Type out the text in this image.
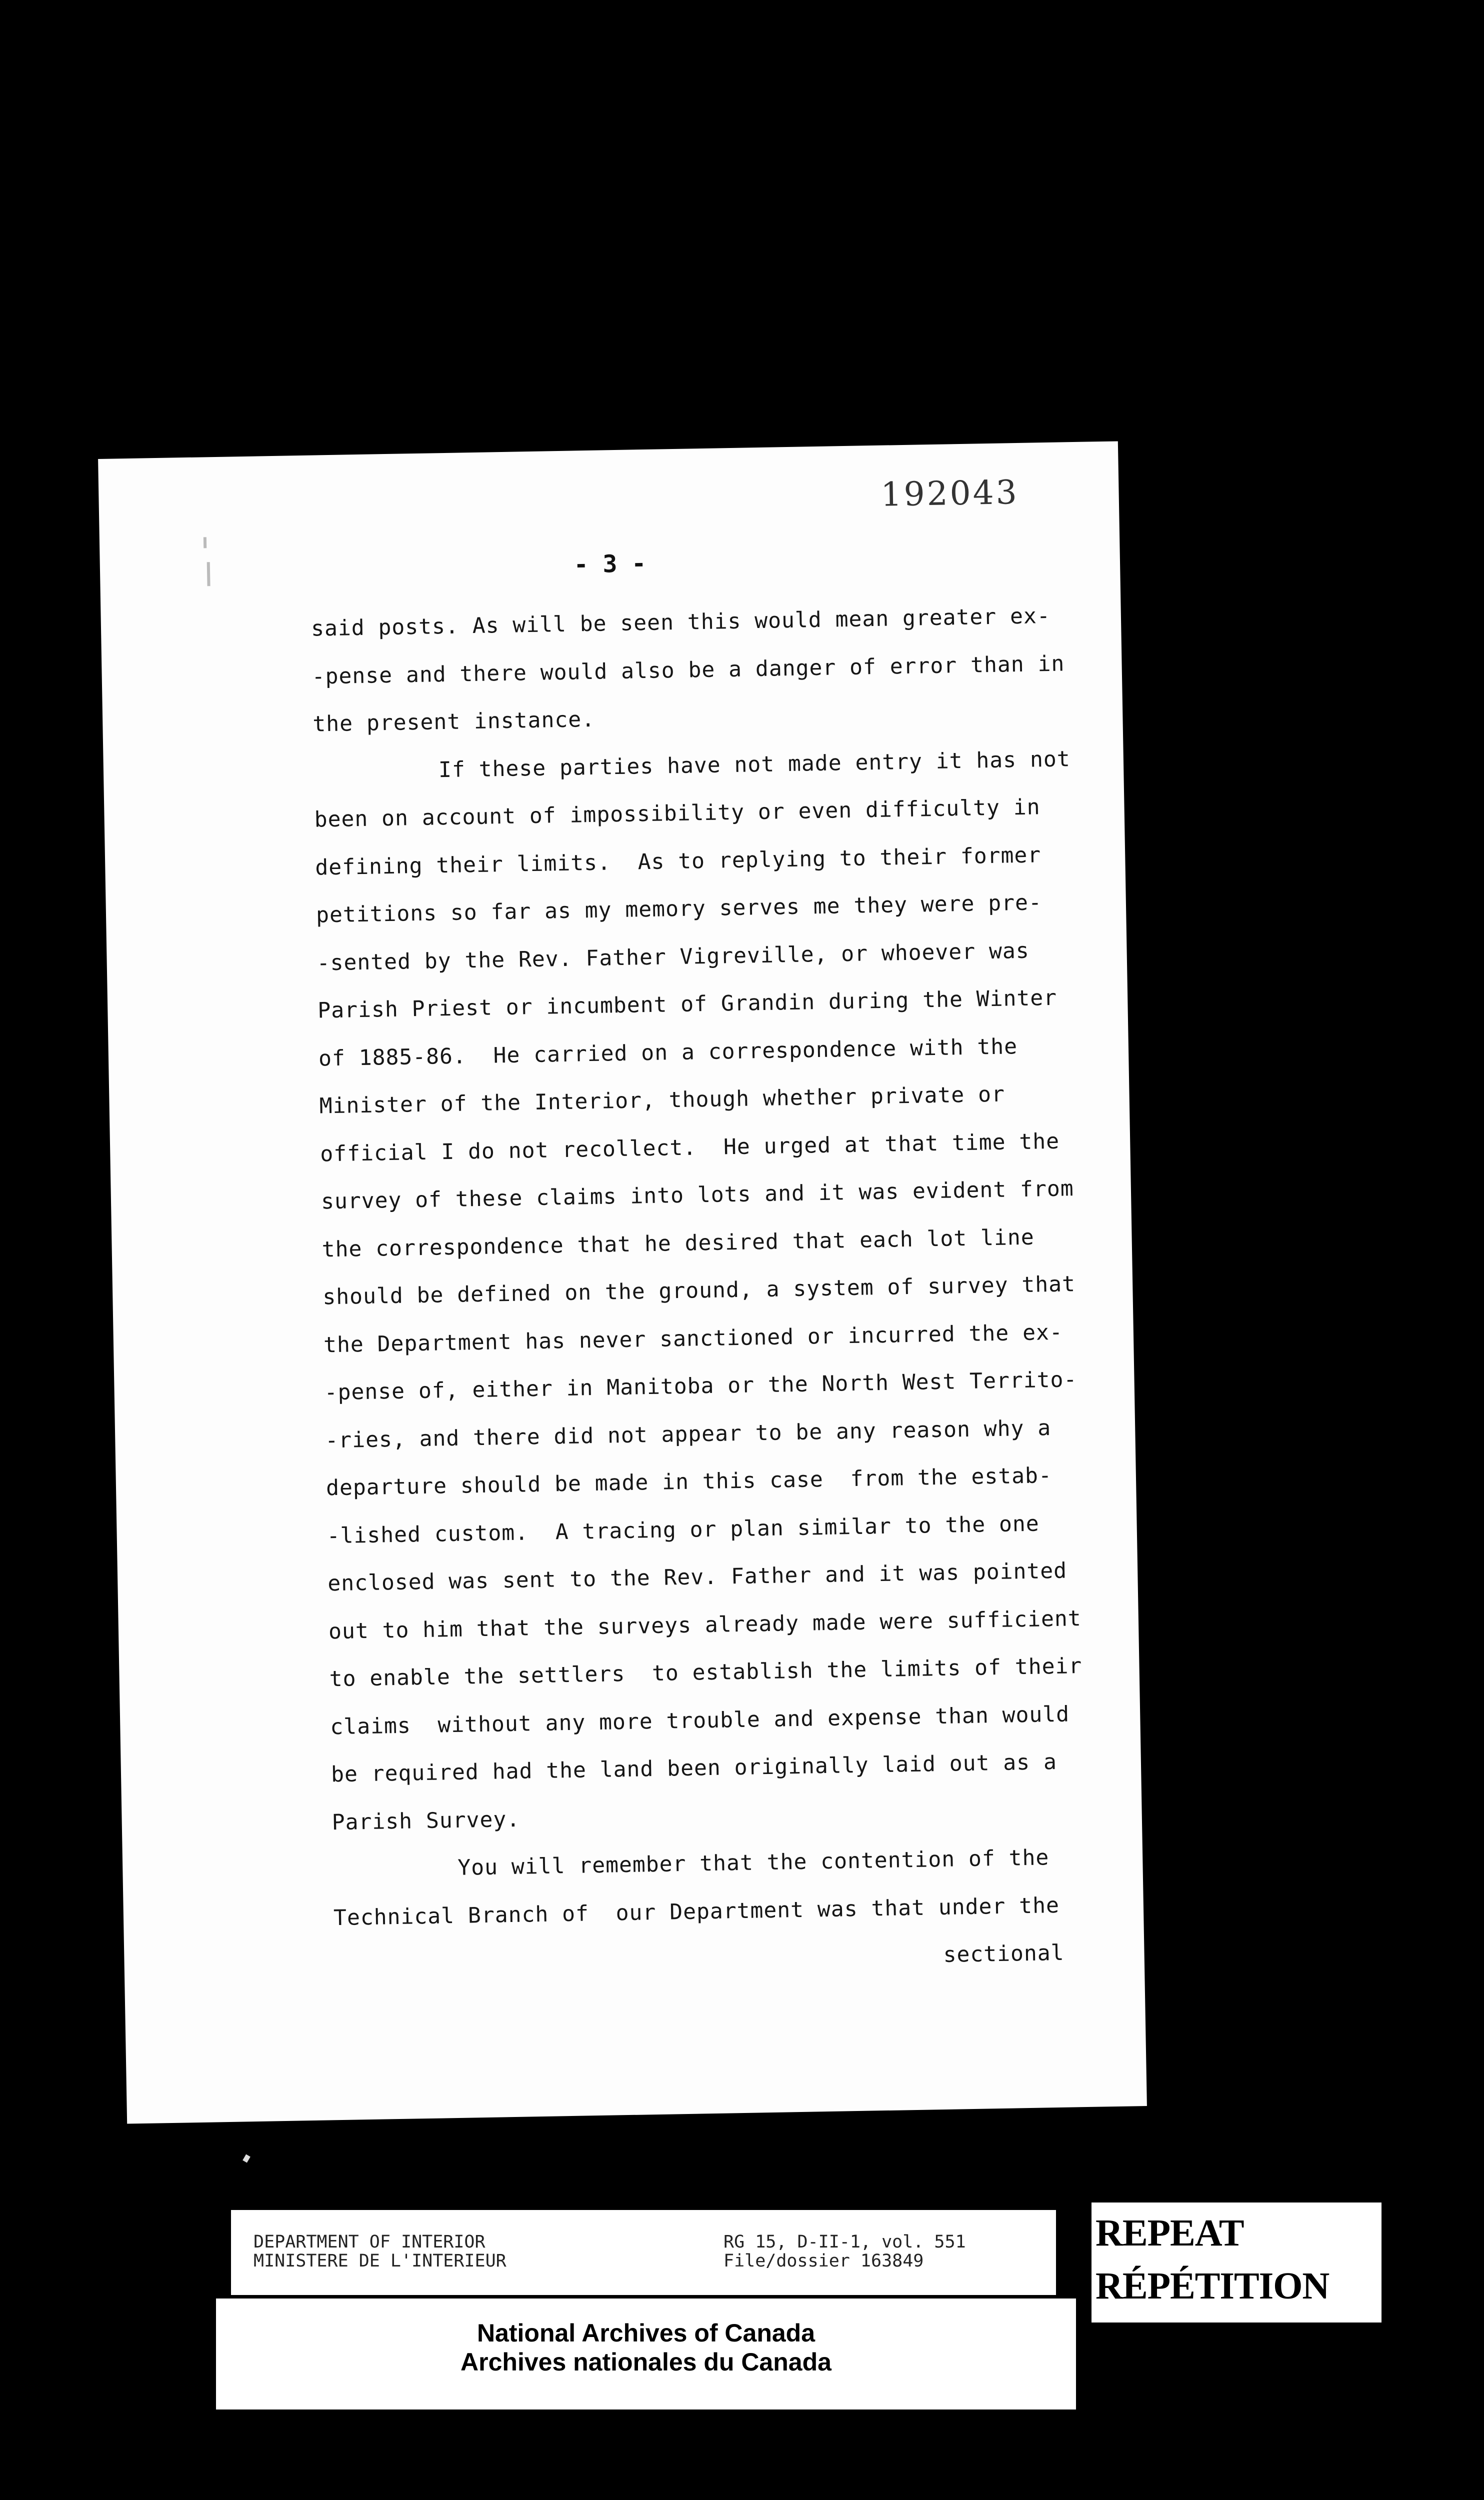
192043
- 3 -
said posts. As will be seen this would mean greater ex-
-pense and there would also be a danger of error than in
the present instance.
If these parties have not made entry it has not
been on account of impossibility or even difficulty in
defining their limits.  As to replying to their former
petitions so far as my memory serves me they were pre-
-sented by the Rev. Father Vigreville, or whoever was
Parish Priest or incumbent of Grandin during the Winter
of 1885-86.  He carried on a correspondence with the
Minister of the Interior, though whether private or
official I do not recollect.  He urged at that time the
survey of these claims into lots and it was evident from
the correspondence that he desired that each lot line
should be defined on the ground, a system of survey that
the Department has never sanctioned or incurred the ex-
-pense of, either in Manitoba or the North West Territo-
-ries, and there did not appear to be any reason why a
departure should be made in this case  from the estab-
-lished custom.  A tracing or plan similar to the one
enclosed was sent to the Rev. Father and it was pointed
out to him that the surveys already made were sufficient
to enable the settlers  to establish the limits of their
claims  without any more trouble and expense than would
be required had the land been originally laid out as a
Parish Survey.
You will remember that the contention of the
Technical Branch of  our Department was that under the
sectional
DEPARTMENT OF INTERIOR
MINISTERE DE L'INTERIEUR
RG 15, D-II-1, vol. 551
File/dossier 163849
REPEAT
RÉPÉTITION
National Archives of Canada
Archives nationales du Canada
